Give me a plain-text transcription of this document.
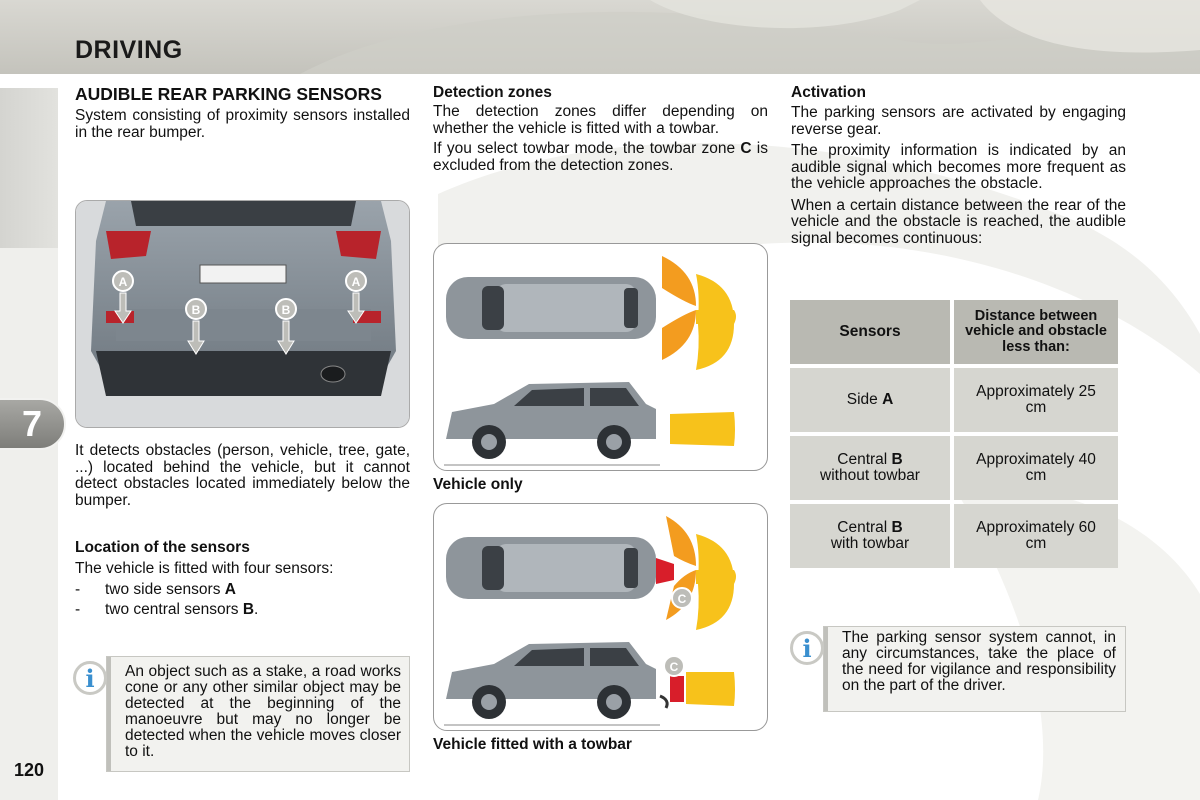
DRIVING
7
120
AUDIBLE REAR PARKING SENSORS
System consisting of proximity sensors installed in the rear bumper.
A	A
B	B
It detects obstacles (person, vehicle, tree, gate, ...) located behind the vehicle, but it cannot detect obstacles located immediately below the bumper.
Location of the sensors
The vehicle is fitted with four sensors:
- two side sensors A
- two central sensors B.
i	An object such as a stake, a road works cone or any other similar object may be detected at the beginning of the manoeuvre but may no longer be detected when the vehicle moves closer to it.
Detection zones
The detection zones differ depending on whether the vehicle is fitted with a towbar.
If you select towbar mode, the towbar zone C is excluded from the detection zones.
Vehicle only
C
C
Vehicle fitted with a towbar
Activation
The parking sensors are activated by engaging reverse gear.
The proximity information is indicated by an audible signal which becomes more frequent as the vehicle approaches the obstacle.
When a certain distance between the rear of the vehicle and the obstacle is reached, the audible signal becomes continuous:
Sensors	Distance between vehicle and obstacle less than:
Side A	Approximately 25 cm

Central B
without towbar	Approximately 40 cm

Central B
with towbar	Approximately 60 cm
i	The parking sensor system cannot, in any circumstances, take the place of the need for vigilance and responsibility on the part of the driver.
